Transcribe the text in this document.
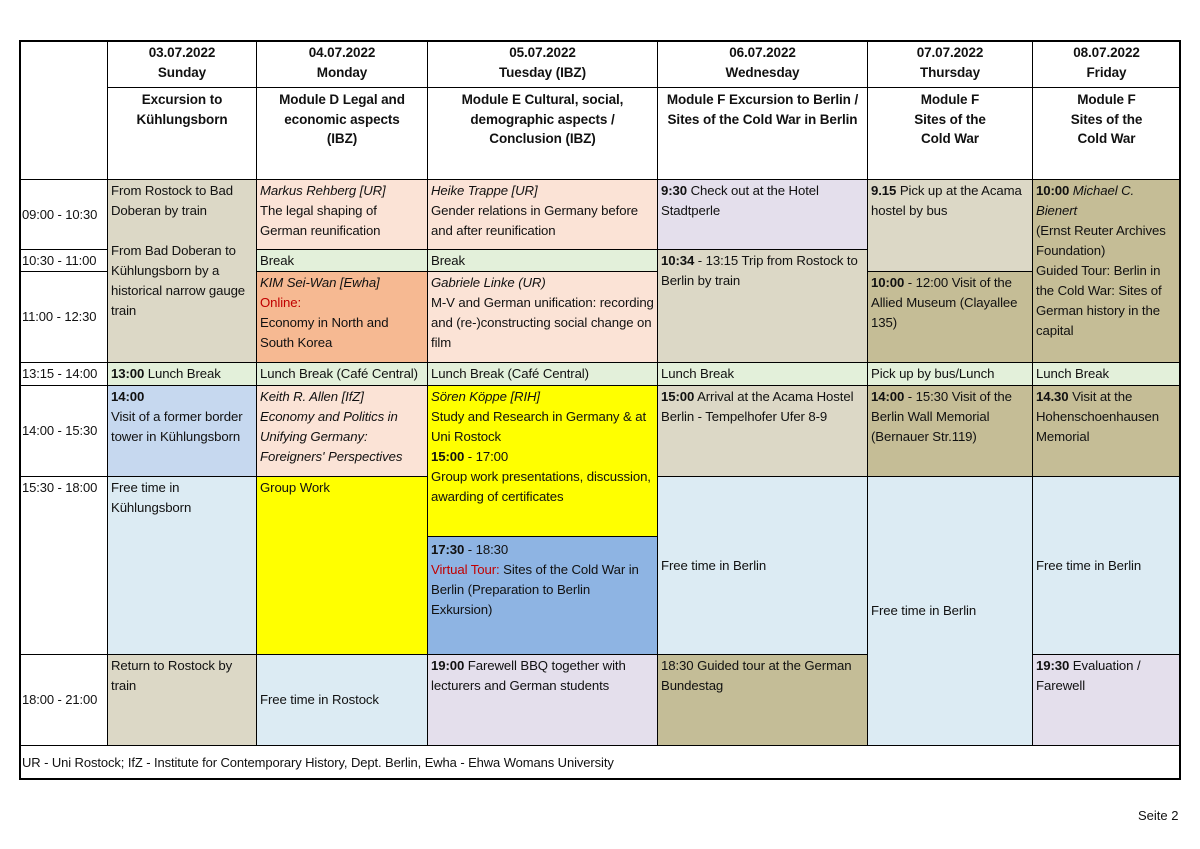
03.07.2022
Sunday
04.07.2022
Monday
05.07.2022
Tuesday (IBZ)
06.07.2022
Wednesday
07.07.2022
Thursday
08.07.2022
Friday
Excursion to Kühlungsborn
Module D Legal and economic aspects (IBZ)
Module E Cultural, social, demographic aspects / Conclusion (IBZ)
Module F Excursion to Berlin / Sites of the Cold War in Berlin
Module F Sites of the Cold War
Module F Sites of the Cold War
09:00 - 10:30
10:30 - 11:00
11:00 - 12:30
13:15 - 14:00
14:00 - 15:30
15:30 - 18:00
18:00 - 21:00
From Rostock to Bad Doberan by train
From Bad Doberan to Kühlungsborn by a historical narrow gauge train
13:00 Lunch Break
14:00
Visit of a former border tower in Kühlungsborn
Free time in Kühlungsborn
Return to Rostock by train
Markus Rehberg [UR]
The legal shaping of German reunification
Break
KIM Sei-Wan [Ewha]
Online:
Economy in North and South Korea
Lunch Break (Café Central)
Keith R. Allen [IfZ]
Economy and Politics in Unifying Germany: Foreigners' Perspectives
Group Work
Free time in Rostock
Heike Trappe [UR]
Gender relations in Germany before and after reunification
Break
Gabriele Linke (UR)
M-V and German unification: recording and (re-)constructing social change on film
Lunch Break (Café Central)
Sören Köppe [RIH]
Study and Research in Germany & at Uni Rostock
15:00 - 17:00
Group work presentations, discussion, awarding of certificates
17:30 - 18:30
Virtual Tour: Sites of the Cold War in Berlin (Preparation to Berlin Exkursion)
19:00 Farewell BBQ together with lecturers and German students
9:30 Check out at the Hotel Stadtperle
10:34 - 13:15 Trip from Rostock to Berlin by train
Lunch Break
15:00 Arrival at the Acama Hostel Berlin - Tempelhofer Ufer 8-9
Free time in Berlin
18:30 Guided tour at the German Bundestag
9.15 Pick up at the Acama hostel by bus
10:00 - 12:00 Visit of the Allied Museum (Clayallee 135)
Pick up by bus/Lunch
14:00 - 15:30 Visit of the Berlin Wall Memorial (Bernauer Str.119)
Free time in Berlin
10:00 Michael C. Bienert
(Ernst Reuter Archives Foundation)
Guided Tour: Berlin in the Cold War: Sites of German history in the capital
Lunch Break
14.30 Visit at the Hohenschoenhausen Memorial
Free time in Berlin
19:30 Evaluation / Farewell
UR - Uni Rostock; IfZ - Institute for Contemporary History, Dept. Berlin, Ewha - Ehwa Womans University
Seite 2
